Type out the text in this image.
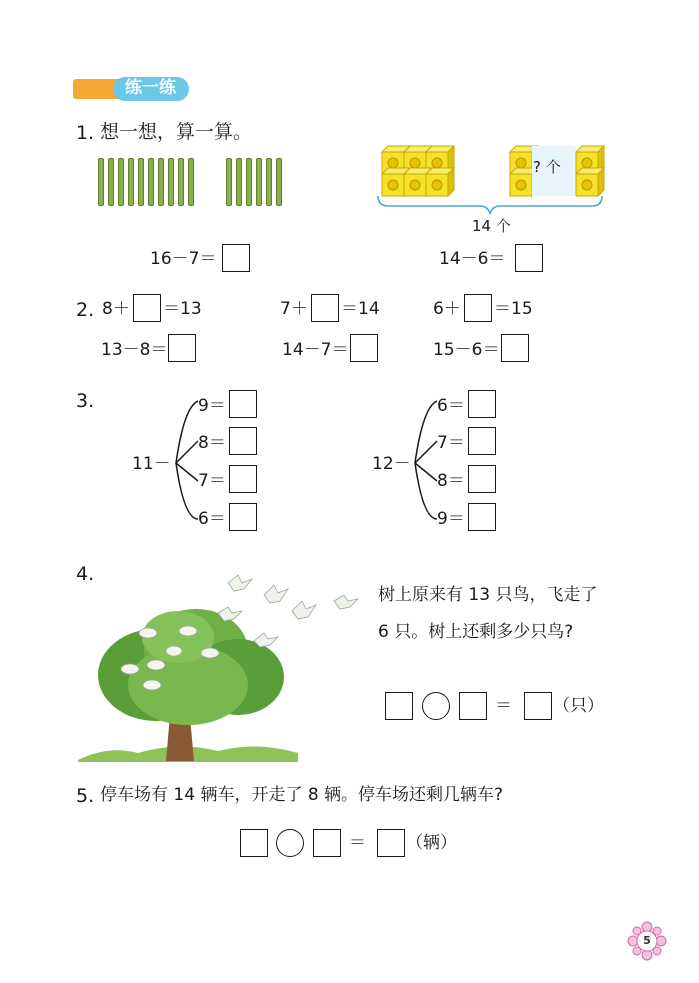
练一练
1. 想一想，算一算。
? 个
14 个
16－7＝	14－6＝
2. 8＋ ＝13	7＋ ＝14	6＋ ＝15
13－8＝	14－7＝	15－6＝
3.
11－
9＝
8＝
7＝
6＝
12－
6＝
7＝
8＝
9＝
4.
树上原来有 13 只鸟，飞走了
6 只。树上还剩多少只鸟?
＝ （只）
5. 停车场有 14 辆车，开走了 8 辆。停车场还剩几辆车?
＝ （辆）
5
